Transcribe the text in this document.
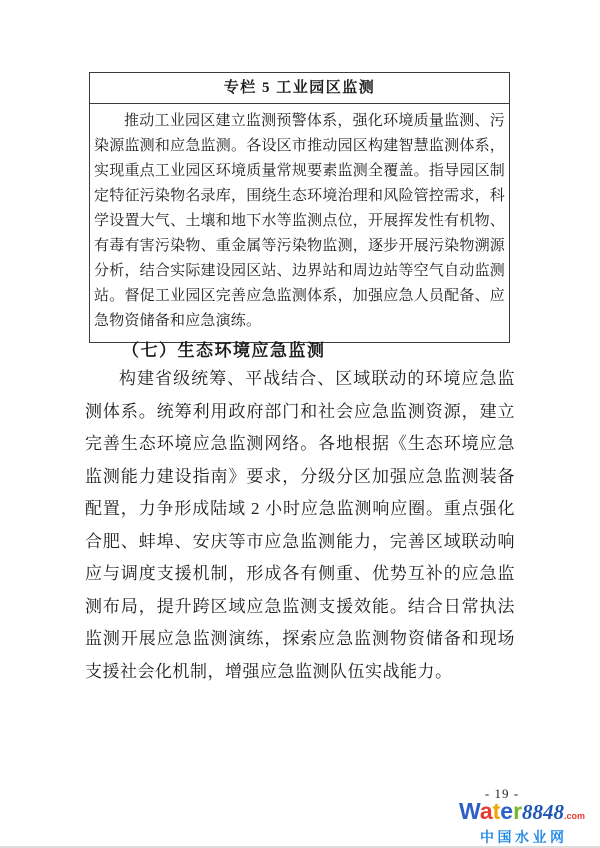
专栏 5 工业园区监测
推动工业园区建立监测预警体系，强化环境质量监测、污染源监测和应急监测。各设区市推动园区构建智慧监测体系，实现重点工业园区环境质量常规要素监测全覆盖。指导园区制定特征污染物名录库，围绕生态环境治理和风险管控需求，科学设置大气、土壤和地下水等监测点位，开展挥发性有机物、有毒有害污染物、重金属等污染物监测，逐步开展污染物溯源分析，结合实际建设园区站、边界站和周边站等空气自动监测站。督促工业园区完善应急监测体系，加强应急人员配备、应急物资储备和应急演练。
（七）生态环境应急监测
构建省级统筹、平战结合、区域联动的环境应急监测体系。统筹利用政府部门和社会应急监测资源，建立完善生态环境应急监测网络。各地根据《生态环境应急监测能力建设指南》要求，分级分区加强应急监测装备配置，力争形成陆域 2 小时应急监测响应圈。重点强化合肥、蚌埠、安庆等市应急监测能力，完善区域联动响应与调度支援机制，形成各有侧重、优势互补的应急监测布局，提升跨区域应急监测支援效能。结合日常执法监测开展应急监测演练，探索应急监测物资储备和现场支援社会化机制，增强应急监测队伍实战能力。
- 19 -
Water8848.com
中 国 水 业 网
